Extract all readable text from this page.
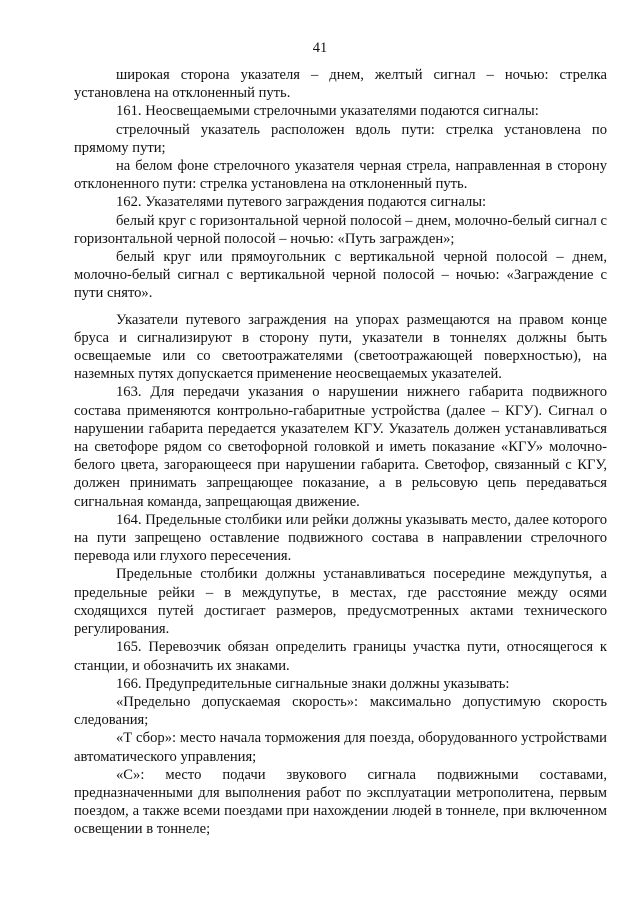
41

широкая сторона указателя – днем, желтый сигнал – ночью: стрелка установлена на отклоненный путь.

161. Неосвещаемыми стрелочными указателями подаются сигналы:

стрелочный указатель расположен вдоль пути: стрелка установлена по прямому пути;

на белом фоне стрелочного указателя черная стрела, направленная в сторону отклоненного пути: стрелка установлена на отклоненный путь.

162. Указателями путевого заграждения подаются сигналы:

белый круг с горизонтальной черной полосой – днем, молочно-белый сигнал с горизонтальной черной полосой – ночью: «Путь загражден»;

белый круг или прямоугольник с вертикальной черной полосой – днем, молочно-белый сигнал с вертикальной черной полосой – ночью: «Заграждение с пути снято».

Указатели путевого заграждения на упорах размещаются на правом конце бруса и сигнализируют в сторону пути, указатели в тоннелях должны быть освещаемые или со светоотражателями (светоотражающей поверхностью), на наземных путях допускается применение неосвещаемых указателей.

163. Для передачи указания о нарушении нижнего габарита подвижного состава применяются контрольно-габаритные устройства (далее – КГУ). Сигнал о нарушении габарита передается указателем КГУ. Указатель должен устанавливаться на светофоре рядом со светофорной головкой и иметь показание «КГУ» молочно-белого цвета, загорающееся при нарушении габарита. Светофор, связанный с КГУ, должен принимать запрещающее показание, а в рельсовую цепь передаваться сигнальная команда, запрещающая движение.

164. Предельные столбики или рейки должны указывать место, далее которого на пути запрещено оставление подвижного состава в направлении стрелочного перевода или глухого пересечения.

Предельные столбики должны устанавливаться посередине междупутья, а предельные рейки – в междупутье, в местах, где расстояние между осями сходящихся путей достигает размеров, предусмотренных актами технического регулирования.

165. Перевозчик обязан определить границы участка пути, относящегося к станции, и обозначить их знаками.

166. Предупредительные сигнальные знаки должны указывать:

«Предельно допускаемая скорость»: максимально допустимую скорость следования;

«Т сбор»: место начала торможения для поезда, оборудованного устройствами автоматического управления;

«С»: место подачи звукового сигнала подвижными составами, предназначенными для выполнения работ по эксплуатации метрополитена, первым поездом, а также всеми поездами при нахождении людей в тоннеле, при включенном освещении в тоннеле;
